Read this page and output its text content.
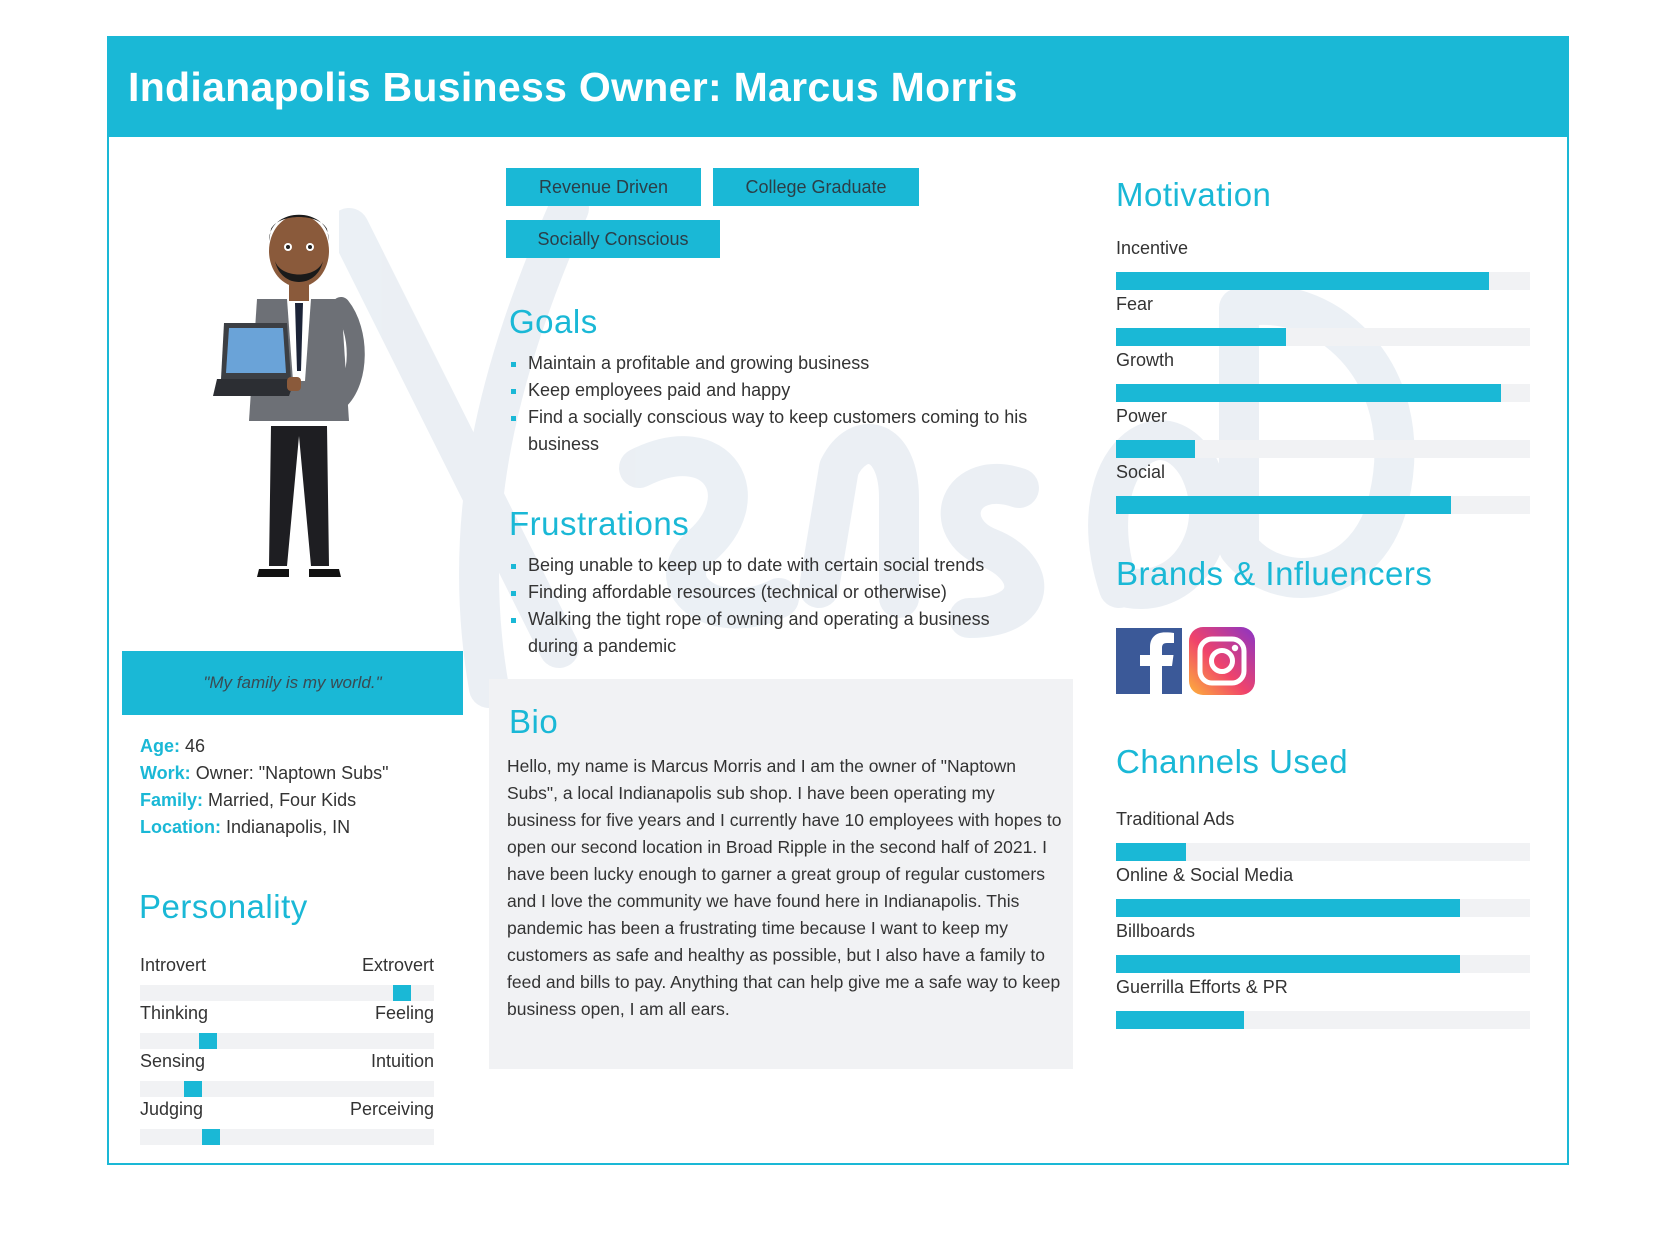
Indianapolis Business Owner: Marcus Morris
"My family is my world."
Age: 46
Work: Owner: "Naptown Subs"
Family: Married, Four Kids
Location: Indianapolis, IN
Personality
Introvert	Extrovert
Thinking	Feeling
Sensing	Intuition
Judging	Perceiving
Revenue Driven	College Graduate
Socially Conscious
Goals
Maintain a profitable and growing business
Keep employees paid and happy
Find a socially conscious way to keep customers coming to his business
Frustrations
Being unable to keep up to date with certain social trends
Finding affordable resources (technical or otherwise)
Walking the tight rope of owning and operating a business during a pandemic
Bio
Hello, my name is Marcus Morris and I am the owner of "Naptown Subs", a local Indianapolis sub shop. I have been operating my business for five years and I currently have 10 employees with hopes to open our second location in Broad Ripple in the second half of 2021. I have been lucky enough to garner a great group of regular customers and I love the community we have found here in Indianapolis. This pandemic has been a frustrating time because I want to keep my customers as safe and healthy as possible, but I also have a family to feed and bills to pay. Anything that can help give me a safe way to keep business open, I am all ears.
Motivation
Incentive
Fear
Growth
Power
Social
Brands & Influencers
Channels Used
Traditional Ads
Online & Social Media
Billboards
Guerrilla Efforts & PR
